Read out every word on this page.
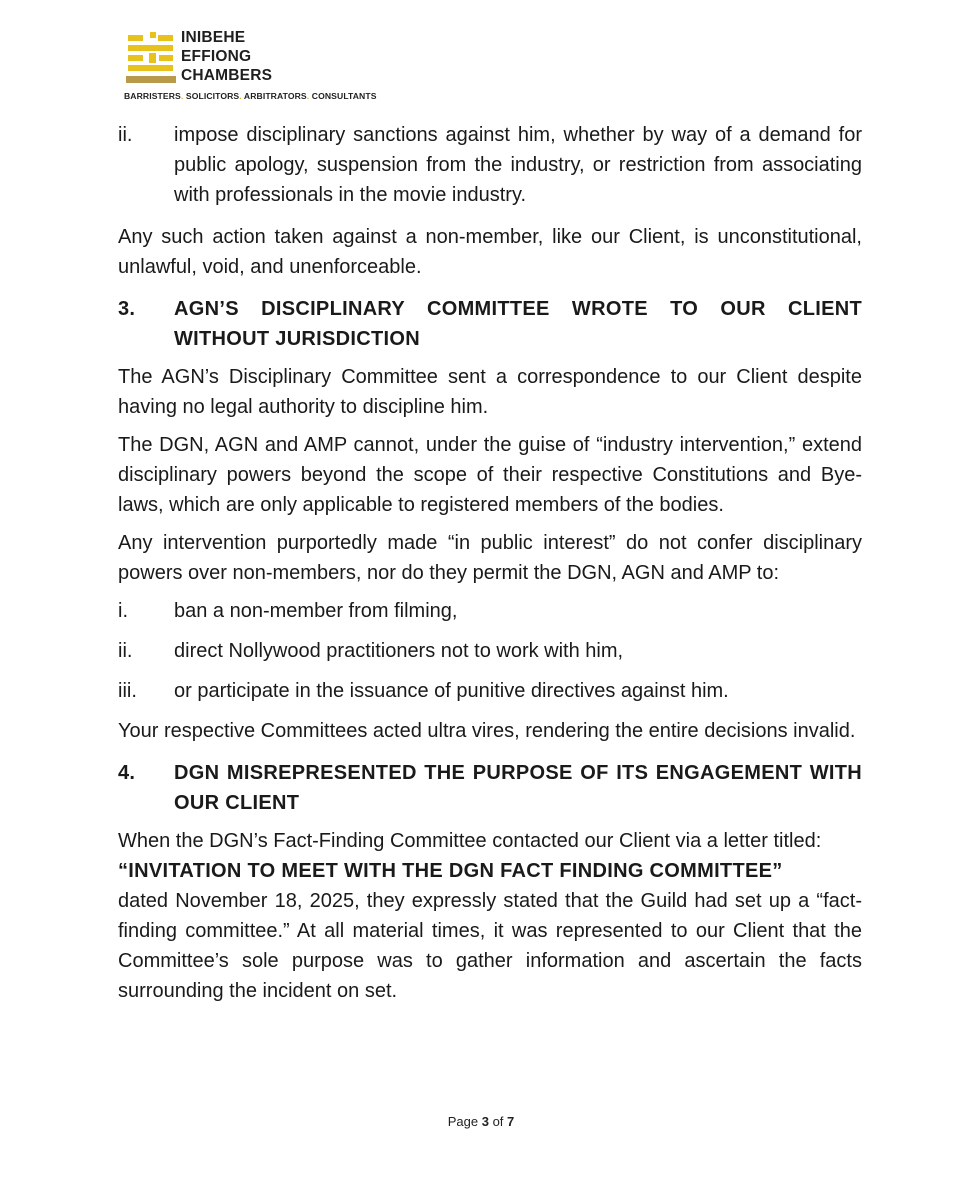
INIBEHE
EFFIONG
CHAMBERS
BARRISTERS. SOLICITORS. ARBITRATORS. CONSULTANTS
ii.	impose disciplinary sanctions against him, whether by way of a demand for public apology, suspension from the industry, or restriction from associating with professionals in the movie industry.
Any such action taken against a non-member, like our Client, is unconstitutional, unlawful, void, and unenforceable.
3.	AGN’S DISCIPLINARY COMMITTEE WROTE TO OUR CLIENT WITHOUT JURISDICTION
The AGN’s Disciplinary Committee sent a correspondence to our Client despite having no legal authority to discipline him.
The DGN, AGN and AMP cannot, under the guise of “industry intervention,” extend disciplinary powers beyond the scope of their respective Constitutions and Bye-laws, which are only applicable to registered members of the bodies.
Any intervention purportedly made “in public interest” do not confer disciplinary powers over non-members, nor do they permit the DGN, AGN and AMP to:
i.	ban a non-member from filming,
ii.	direct Nollywood practitioners not to work with him,
iii.	or participate in the issuance of punitive directives against him.
Your respective Committees acted ultra vires, rendering the entire decisions invalid.
4.	DGN MISREPRESENTED THE PURPOSE OF ITS ENGAGEMENT WITH OUR CLIENT
When the DGN’s Fact-Finding Committee contacted our Client via a letter titled:
“INVITATION TO MEET WITH THE DGN FACT FINDING COMMITTEE”
dated November 18, 2025, they expressly stated that the Guild had set up a “fact-finding committee.” At all material times, it was represented to our Client that the Committee’s sole purpose was to gather information and ascertain the facts surrounding the incident on set.
Page 3 of 7
